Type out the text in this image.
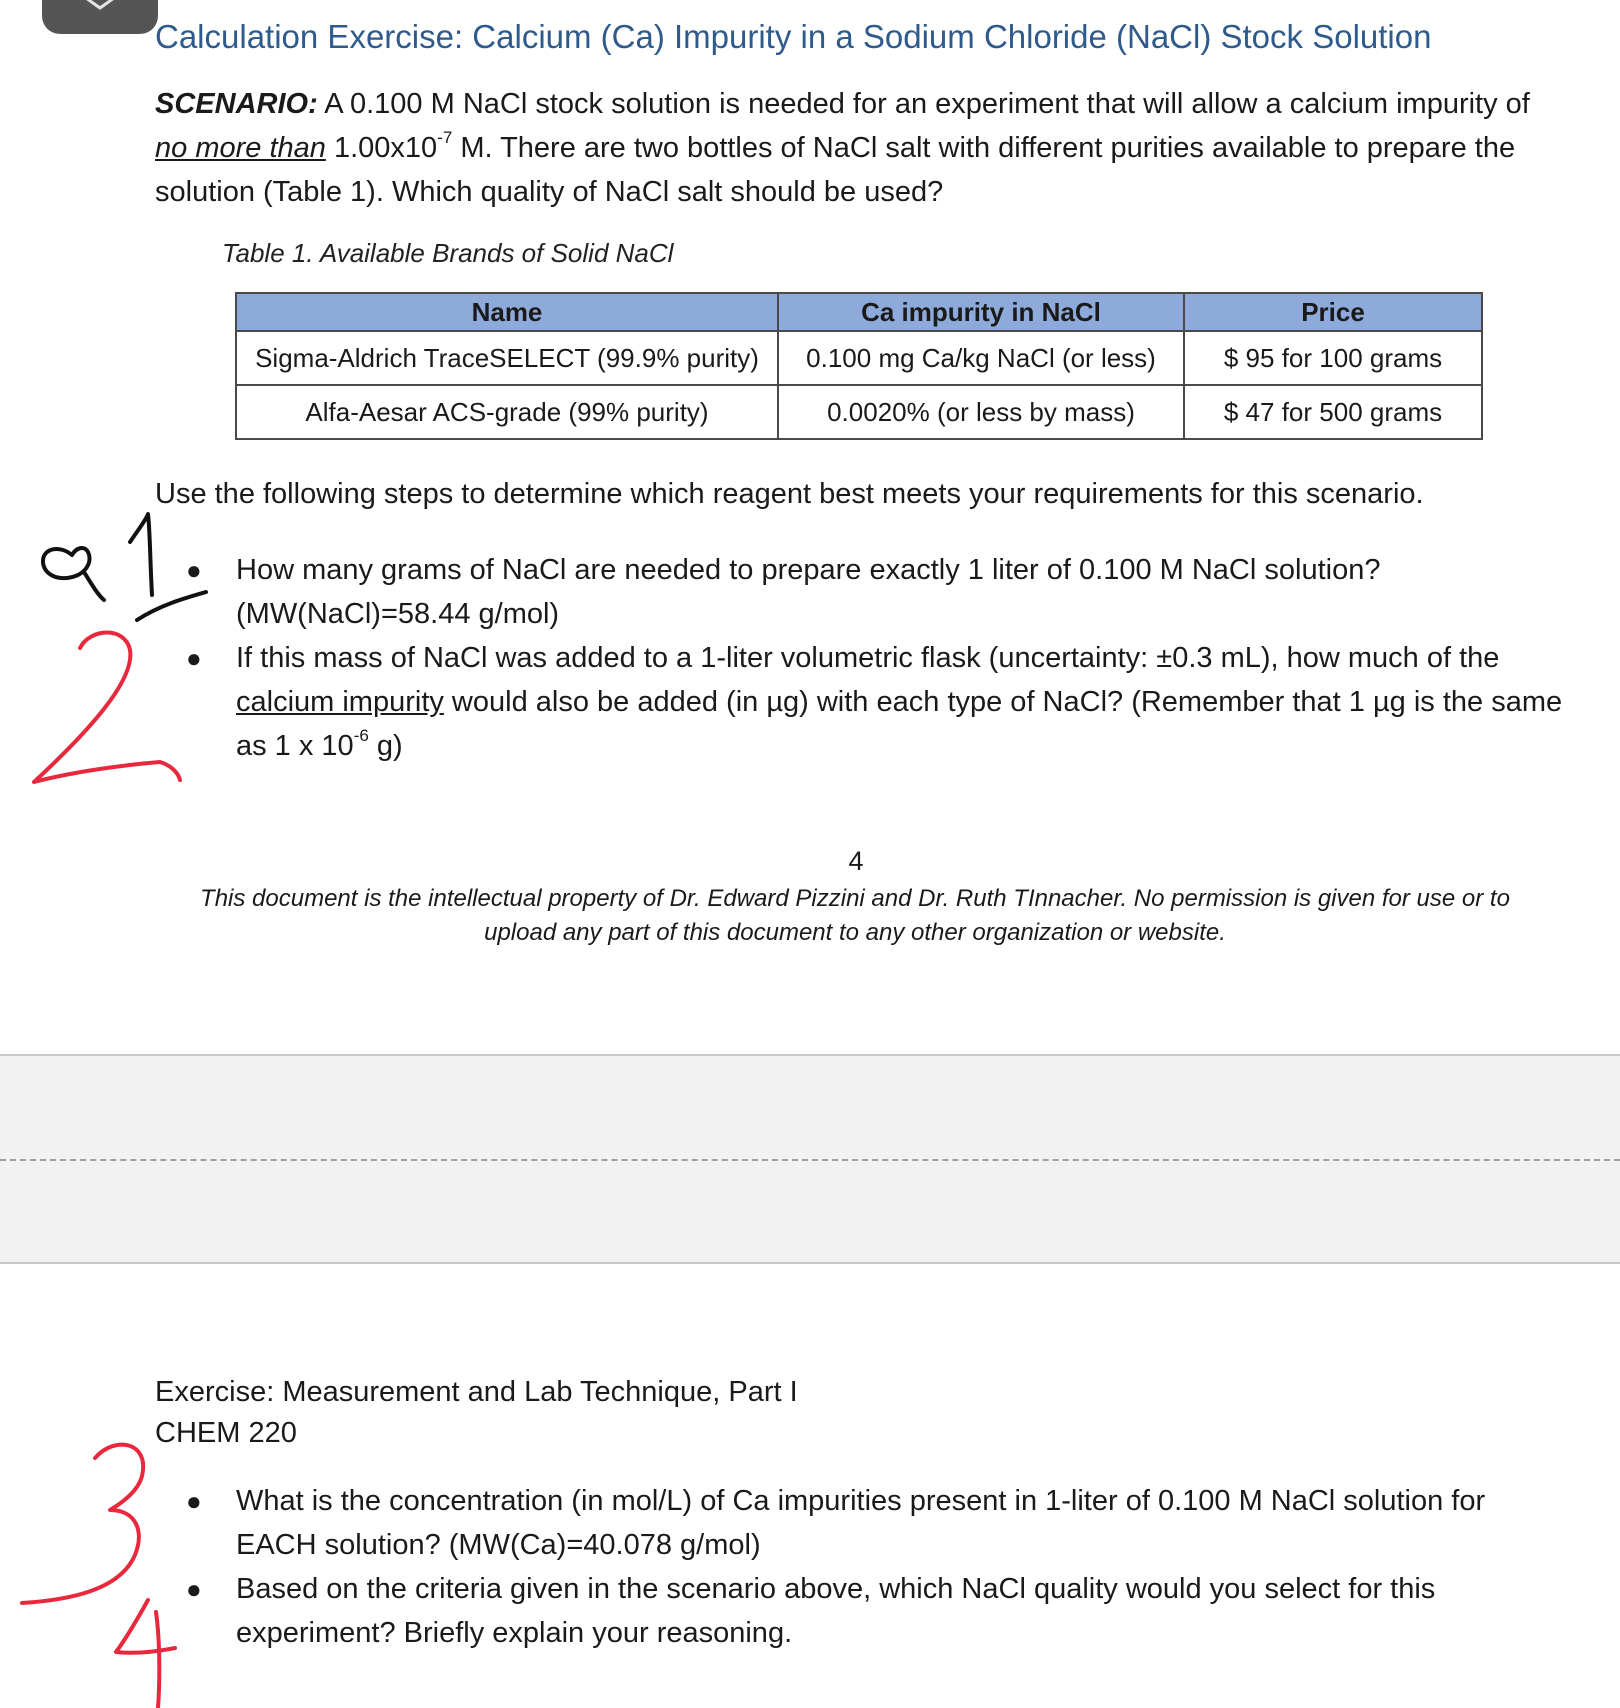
Calculation Exercise: Calcium (Ca) Impurity in a Sodium Chloride (NaCl) Stock Solution
SCENARIO: A 0.100 M NaCl stock solution is needed for an experiment that will allow a calcium impurity of no more than $1.00x10^{-7}$ M. There are two bottles of NaCl salt with different purities available to prepare the solution (Table 1). Which quality of NaCl salt should be used?
Table 1. Available Brands of Solid NaCl
Name	Ca impurity in NaCl	Price
Sigma-Aldrich TraceSELECT (99.9% purity)	0.100 mg Ca/kg NaCl (or less)	$ 95 for 100 grams
Alfa-Aesar ACS-grade (99% purity)	0.0020% (or less by mass)	$ 47 for 500 grams
Use the following steps to determine which reagent best meets your requirements for this scenario.
● How many grams of NaCl are needed to prepare exactly 1 liter of 0.100 M NaCl solution? (MW(NaCl)=58.44 g/mol)
● If this mass of NaCl was added to a 1-liter volumetric flask (uncertainty: ±0.3 mL), how much of the calcium impurity would also be added (in µg) with each type of NaCl? (Remember that 1 µg is the same as 1 x $10^{-6}$ g)
4
This document is the intellectual property of Dr. Edward Pizzini and Dr. Ruth TInnacher. No permission is given for use or to upload any part of this document to any other organization or website.
Exercise: Measurement and Lab Technique, Part I
CHEM 220
● What is the concentration (in mol/L) of Ca impurities present in 1-liter of 0.100 M NaCl solution for EACH solution? (MW(Ca)=40.078 g/mol)
● Based on the criteria given in the scenario above, which NaCl quality would you select for this experiment? Briefly explain your reasoning.
